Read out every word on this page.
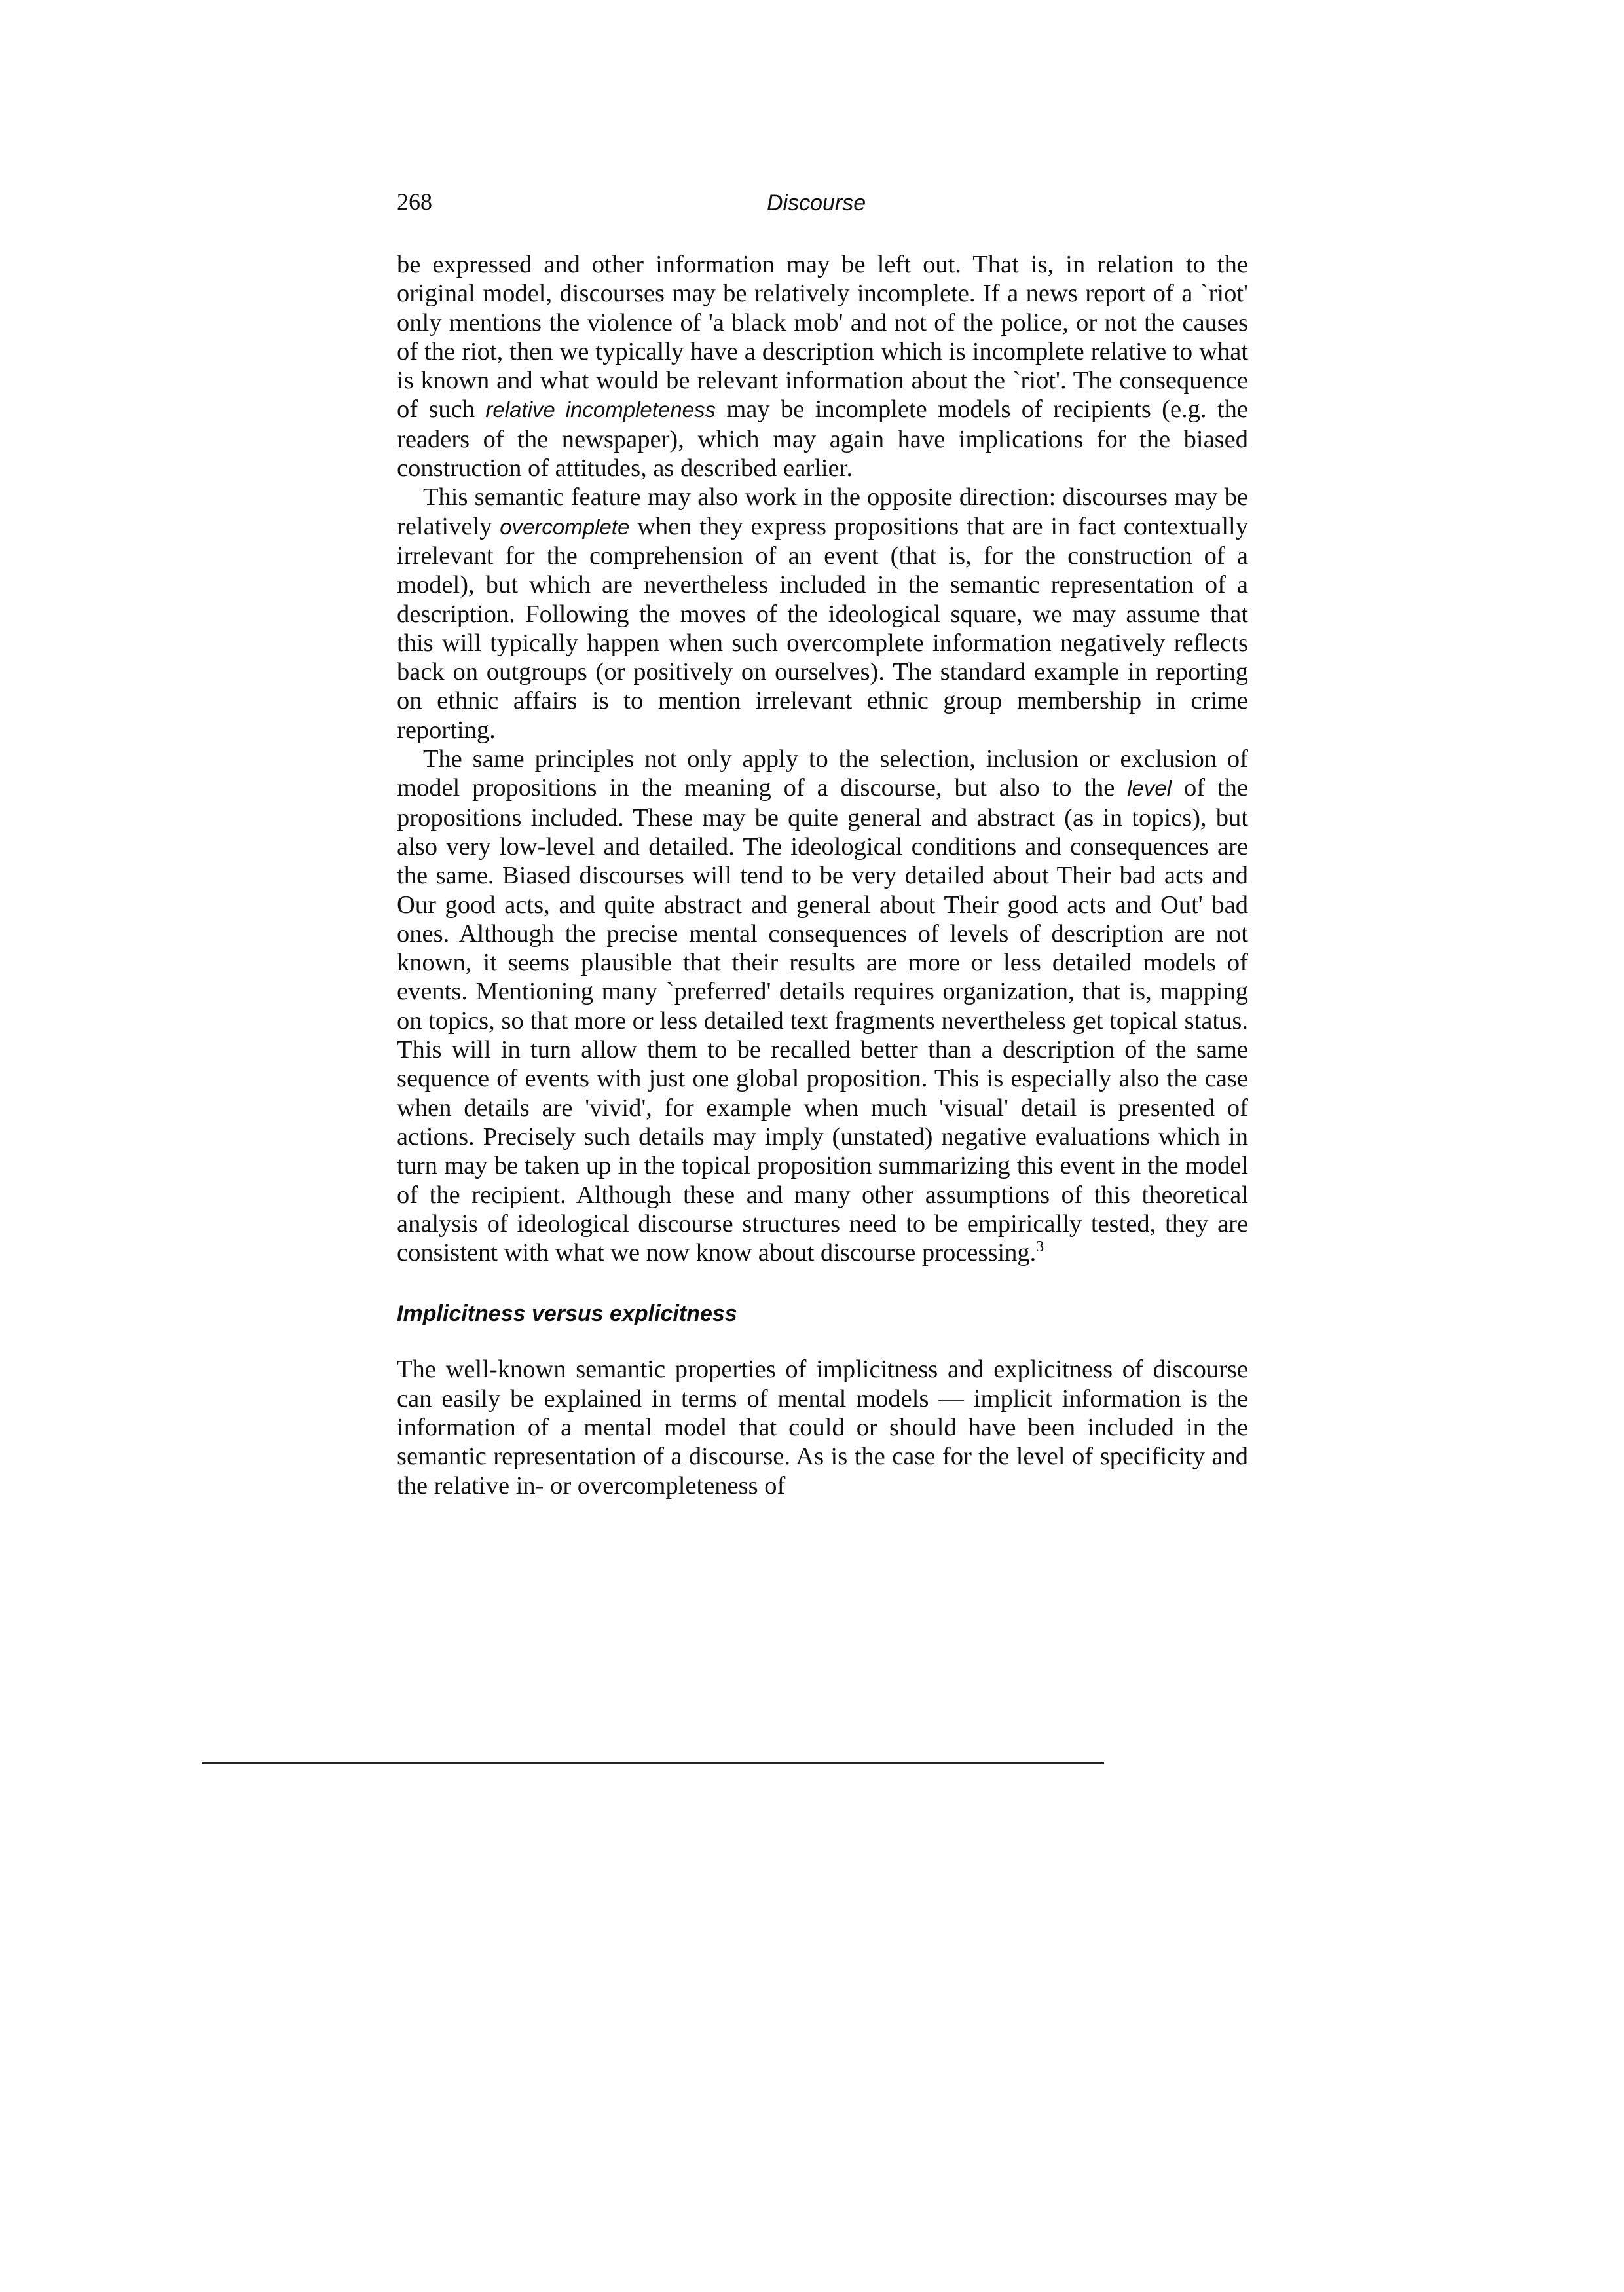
268	Discourse

be expressed and other information may be left out. That is, in relation to the original model, discourses may be relatively incomplete. If a news report of a `riot' only mentions the violence of 'a black mob' and not of the police, or not the causes of the riot, then we typically have a description which is incomplete relative to what is known and what would be relevant information about the `riot'. The consequence of such relative incompleteness may be incomplete models of recipients (e.g. the readers of the newspaper), which may again have implications for the biased construction of attitudes, as described earlier.

This semantic feature may also work in the opposite direction: discourses may be relatively overcomplete when they express propositions that are in fact contextually irrelevant for the comprehension of an event (that is, for the construction of a model), but which are nevertheless included in the semantic representation of a description. Following the moves of the ideological square, we may assume that this will typically happen when such overcomplete information negatively reflects back on outgroups (or positively on ourselves). The standard example in reporting on ethnic affairs is to mention irrelevant ethnic group membership in crime reporting.

The same principles not only apply to the selection, inclusion or exclusion of model propositions in the meaning of a discourse, but also to the level of the propositions included. These may be quite general and abstract (as in topics), but also very low-level and detailed. The ideological conditions and consequences are the same. Biased discourses will tend to be very detailed about Their bad acts and Our good acts, and quite abstract and general about Their good acts and Out' bad ones. Although the precise mental consequences of levels of description are not known, it seems plausible that their results are more or less detailed models of events. Mentioning many `preferred' details requires organization, that is, mapping on topics, so that more or less detailed text fragments nevertheless get topical status. This will in turn allow them to be recalled better than a description of the same sequence of events with just one global proposition. This is especially also the case when details are 'vivid', for example when much 'visual' detail is presented of actions. Precisely such details may imply (unstated) negative evaluations which in turn may be taken up in the topical proposition summarizing this event in the model of the recipient. Although these and many other assumptions of this theoretical analysis of ideological discourse structures need to be empirically tested, they are consistent with what we now know about discourse processing.$^3$

Implicitness versus explicitness

The well-known semantic properties of implicitness and explicitness of discourse can easily be explained in terms of mental models — implicit information is the information of a mental model that could or should have been included in the semantic representation of a discourse. As is the case for the level of specificity and the relative in- or overcompleteness of
